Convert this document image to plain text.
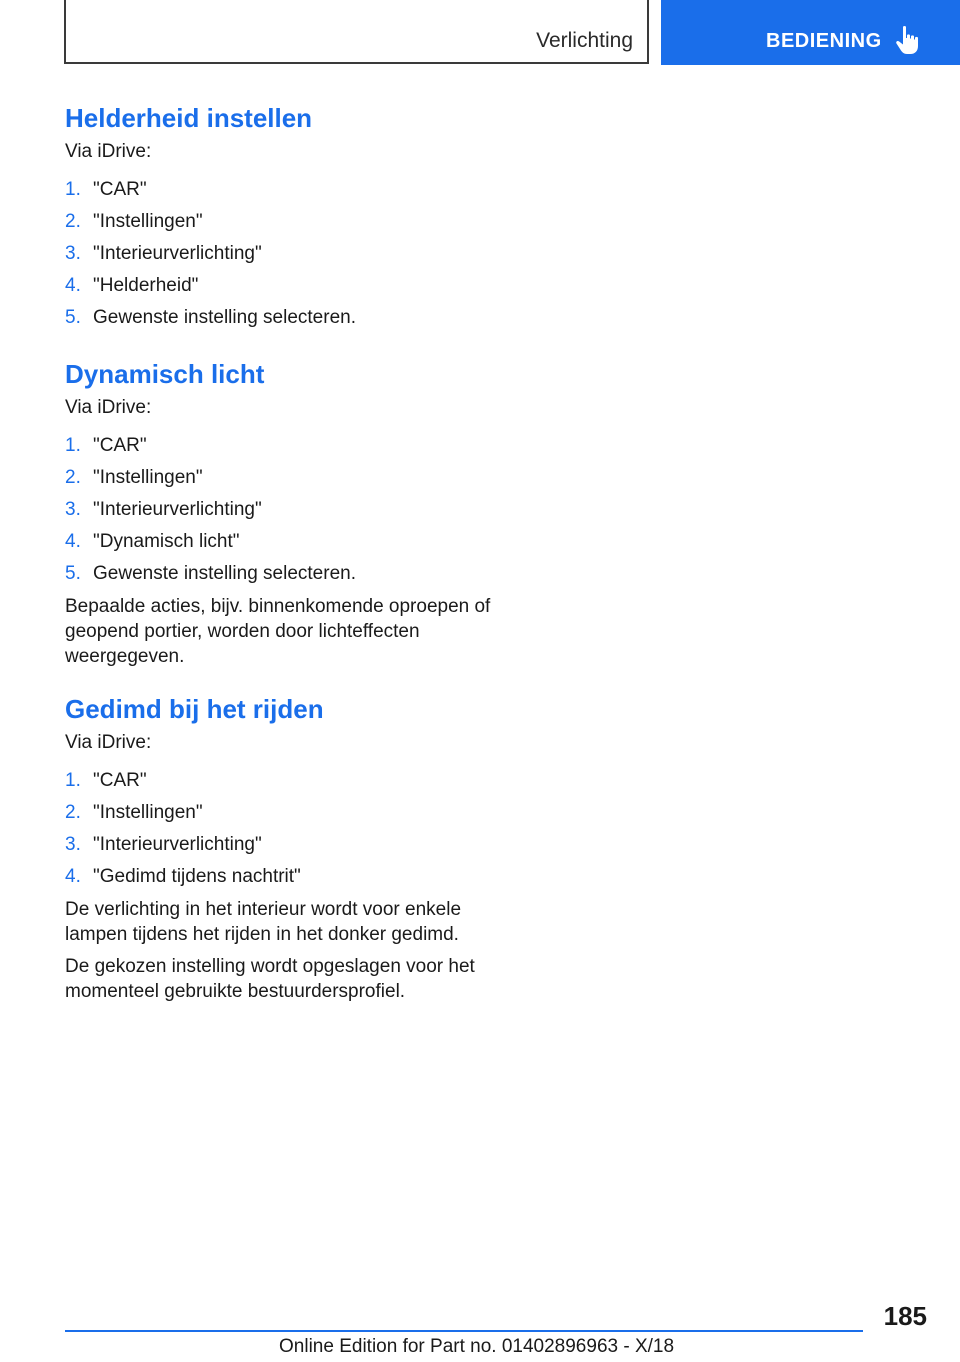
Verlichting	BEDIENING
Helderheid instellen

Via iDrive:

1. "CAR"
2. "Instellingen"
3. "Interieurverlichting"
4. "Helderheid"
5. Gewenste instelling selecteren.
Dynamisch licht

Via iDrive:

1. "CAR"
2. "Instellingen"
3. "Interieurverlichting"
4. "Dynamisch licht"
5. Gewenste instelling selecteren.

Bepaalde acties, bijv. binnenkomende oproepen of geopend portier, worden door lichteffecten weergegeven.

Gedimd bij het rijden

Via iDrive:

1. "CAR"
2. "Instellingen"
3. "Interieurverlichting"
4. "Gedimd tijdens nachtrit"

De verlichting in het interieur wordt voor enkele lampen tijdens het rijden in het donker gedimd.

De gekozen instelling wordt opgeslagen voor het momenteel gebruikte bestuurdersprofiel.

185
Online Edition for Part no. 01402896963 - X/18
